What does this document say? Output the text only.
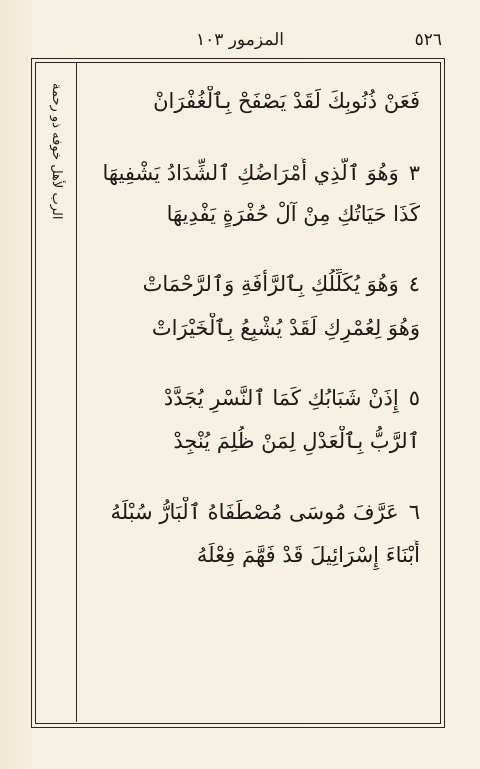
٥٢٦
المزمور ١٠٣
الرب لأهل خوفه ذو رحمة	فَعَنْ ذُنُوبِكَ لَقَدْ يَصْفَحْ بِٱلْغُفْرَانْ
٣وَهُوَ ٱلَّذِي أَمْرَاضُكِ ٱلشِّدَادُ يَشْفِيهَا
كَذَا حَيَاتُكِ مِنْ آلْ حُفْرَةٍ يَفْدِيهَا
٤وَهُوَ يُكَلِّلُكِ بِٱلرَّأْفَةِ وَٱلرَّحْمَاتْ
وَهُوَ لِعُمْرِكِ لَقَدْ يُشْبِعُ بِٱلْخَيْرَاتْ
٥إِذَنْ شَبَابُكِ كَمَا ٱلنَّسْرِ يُجَدَّدْ
ٱلرَّبُّ بِٱلْعَدْلِ لِمَنْ ظُلِمَ يُنْجِدْ
٦عَرَّفَ مُوسَى مُصْطَفَاهُ ٱلْبَارُّ سُبْلَهُ
أَبْنَاءَ إِسْرَائِيلَ قَدْ فَهَّمَ فِعْلَهُ
